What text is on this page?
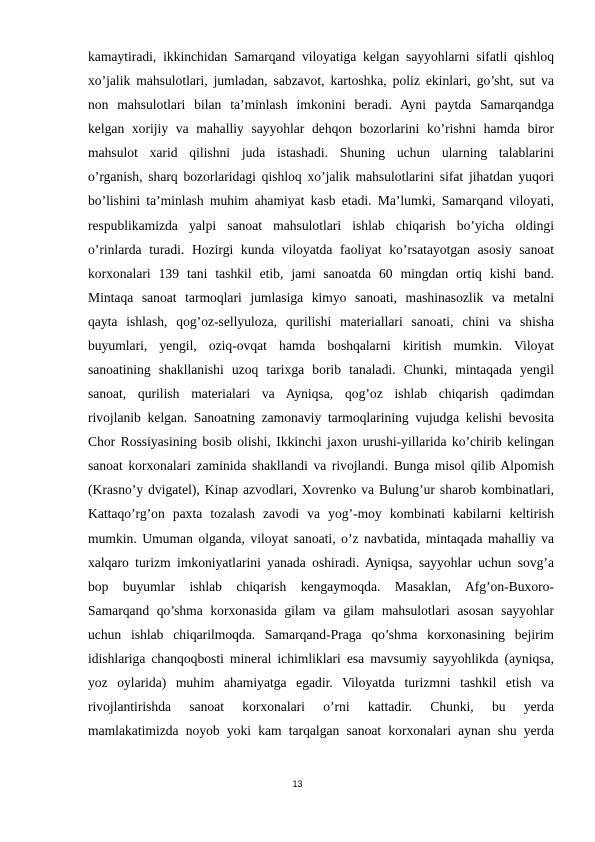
kamaytiradi, ikkinchidan Samarqand viloyatiga kelgan sayyohlarni sifatli qishloq
xo’jalik mahsulotlari, jumladan, sabzavot, kartoshka, poliz ekinlari, go’sht, sut va
non mahsulotlari bilan ta’minlash imkonini beradi. Ayni paytda Samarqandga
kelgan xorijiy va mahalliy sayyohlar dehqon bozorlarini ko’rishni hamda biror
mahsulot xarid qilishni juda istashadi. Shuning uchun ularning talablarini
o’rganish, sharq bozorlaridagi qishloq xo’jalik mahsulotlarini sifat jihatdan yuqori
bo’lishini ta’minlash muhim ahamiyat kasb etadi. Ma’lumki, Samarqand viloyati,
respublikamizda yalpi sanoat mahsulotlari ishlab chiqarish bo’yicha oldingi
o’rinlarda turadi. Hozirgi kunda viloyatda faoliyat ko’rsatayotgan asosiy sanoat
korxonalari 139 tani tashkil etib, jami sanoatda 60 mingdan ortiq kishi band.
Mintaqa sanoat tarmoqlari jumlasiga kimyo sanoati, mashinasozlik va metalni
qayta ishlash, qog’oz-sellyuloza, qurilishi materiallari sanoati, chini va shisha
buyumlari, yengil, oziq-ovqat hamda boshqalarni kiritish mumkin. Viloyat
sanoatining shakllanishi uzoq tarixga borib tanaladi. Chunki, mintaqada yengil
sanoat, qurilish materialari va Ayniqsa, qog’oz ishlab chiqarish qadimdan
rivojlanib kelgan. Sanoatning zamonaviy tarmoqlarining vujudga kelishi bevosita
Chor Rossiyasining bosib olishi, Ikkinchi jaxon urushi-yillarida ko’chirib kelingan
sanoat korxonalari zaminida shakllandi va rivojlandi. Bunga misol qilib Alpomish
(Krasno’y dvigatel), Kinap azvodlari, Xovrenko va Bulung’ur sharob kombinatlari,
Kattaqo’rg’on paxta tozalash zavodi va yog’-moy kombinati kabilarni keltirish
mumkin. Umuman olganda, viloyat sanoati, o’z navbatida, mintaqada mahalliy va
xalqaro turizm imkoniyatlarini yanada oshiradi. Ayniqsa, sayyohlar uchun sovg’a
bop buyumlar ishlab chiqarish kengaymoqda. Masaklan, Afg’on-Buxoro-
Samarqand qo’shma korxonasida gilam va gilam mahsulotlari asosan sayyohlar
uchun ishlab chiqarilmoqda. Samarqand-Praga qo’shma korxonasining bejirim
idishlariga chanqoqbosti mineral ichimliklari esa mavsumiy sayyohlikda (ayniqsa,
yoz oylarida) muhim ahamiyatga egadir. Viloyatda turizmni tashkil etish va
rivojlantirishda sanoat korxonalari o’rni kattadir. Chunki, bu yerda
mamlakatimizda noyob yoki kam tarqalgan sanoat korxonalari aynan shu yerda
13
